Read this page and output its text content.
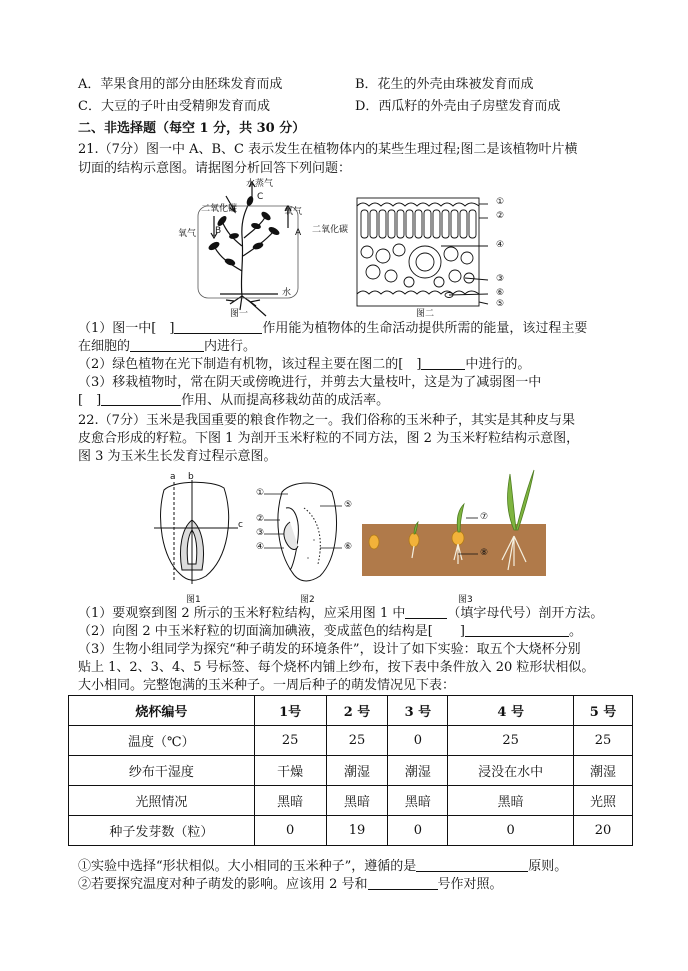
A．苹果食用的部分由胚珠发育而成	B．花生的外壳由珠被发育而成
C．大豆的子叶由受精卵发育而成	D．西瓜籽的外壳由子房壁发育而成
二、非选择题（每空 1 分，共 30 分）
21.（7分）图一中 A、B、C 表示发生在植物体内的某些生理过程;图二是该植物叶片横
切面的结构示意图。请据图分析回答下列问题：
水蒸气
C
二氧化碳	氧气
氧气 B	A 二氧化碳
水
图一
①
②
④
③
⑥
⑤
图二
（1）图一中[　]	作用能为植物体的生命活动提供所需的能量，该过程主要
在细胞的	内进行。
（2）绿色植物在光下制造有机物，该过程主要在图二的[　]	中进行的。
（3）移栽植物时，常在阴天或傍晚进行，并剪去大量枝叶，这是为了减弱图一中
[　]	作用、从而提高移栽幼苗的成活率。
22.（7分）玉米是我国重要的粮食作物之一。我们俗称的玉米种子，其实是其种皮与果
皮愈合形成的籽粒。下图 1 为剖开玉米籽粒的不同方法，图 2 为玉米籽粒结构示意图，
图 3 为玉米生长发育过程示意图。
a b
c
图1
①
②
③
④
⑤
⑥
图2
⑦
⑧
图3
（1）要观察到图 2 所示的玉米籽粒结构，应采用图 1 中	（填字母代号）剖开方法。
（2）向图 2 中玉米籽粒的切面滴加碘液，变成蓝色的结构是[　]	。
（3）生物小组同学为探究“种子萌发的环境条件”，设计了如下实验：取五个大烧杯分别
贴上 1、2、3、4、5 号标签、每个烧杯内铺上纱布，按下表中条件放入 20 粒形状相似。
大小相同。完整饱满的玉米种子。一周后种子的萌发情况见下表：
烧杯编号	1号	2 号	3 号	4 号	5 号
温度（℃）	25	25	0	25	25
纱布干湿度	干燥	潮湿	潮湿	浸没在水中	潮湿
光照情况	黑暗	黑暗	黑暗	黑暗	光照
种子发芽数（粒）	0	19	0	0	20
①实验中选择“形状相似。大小相同的玉米种子”，遵循的是	原则。
②若要探究温度对种子萌发的影响。应该用 2 号和	号作对照。
